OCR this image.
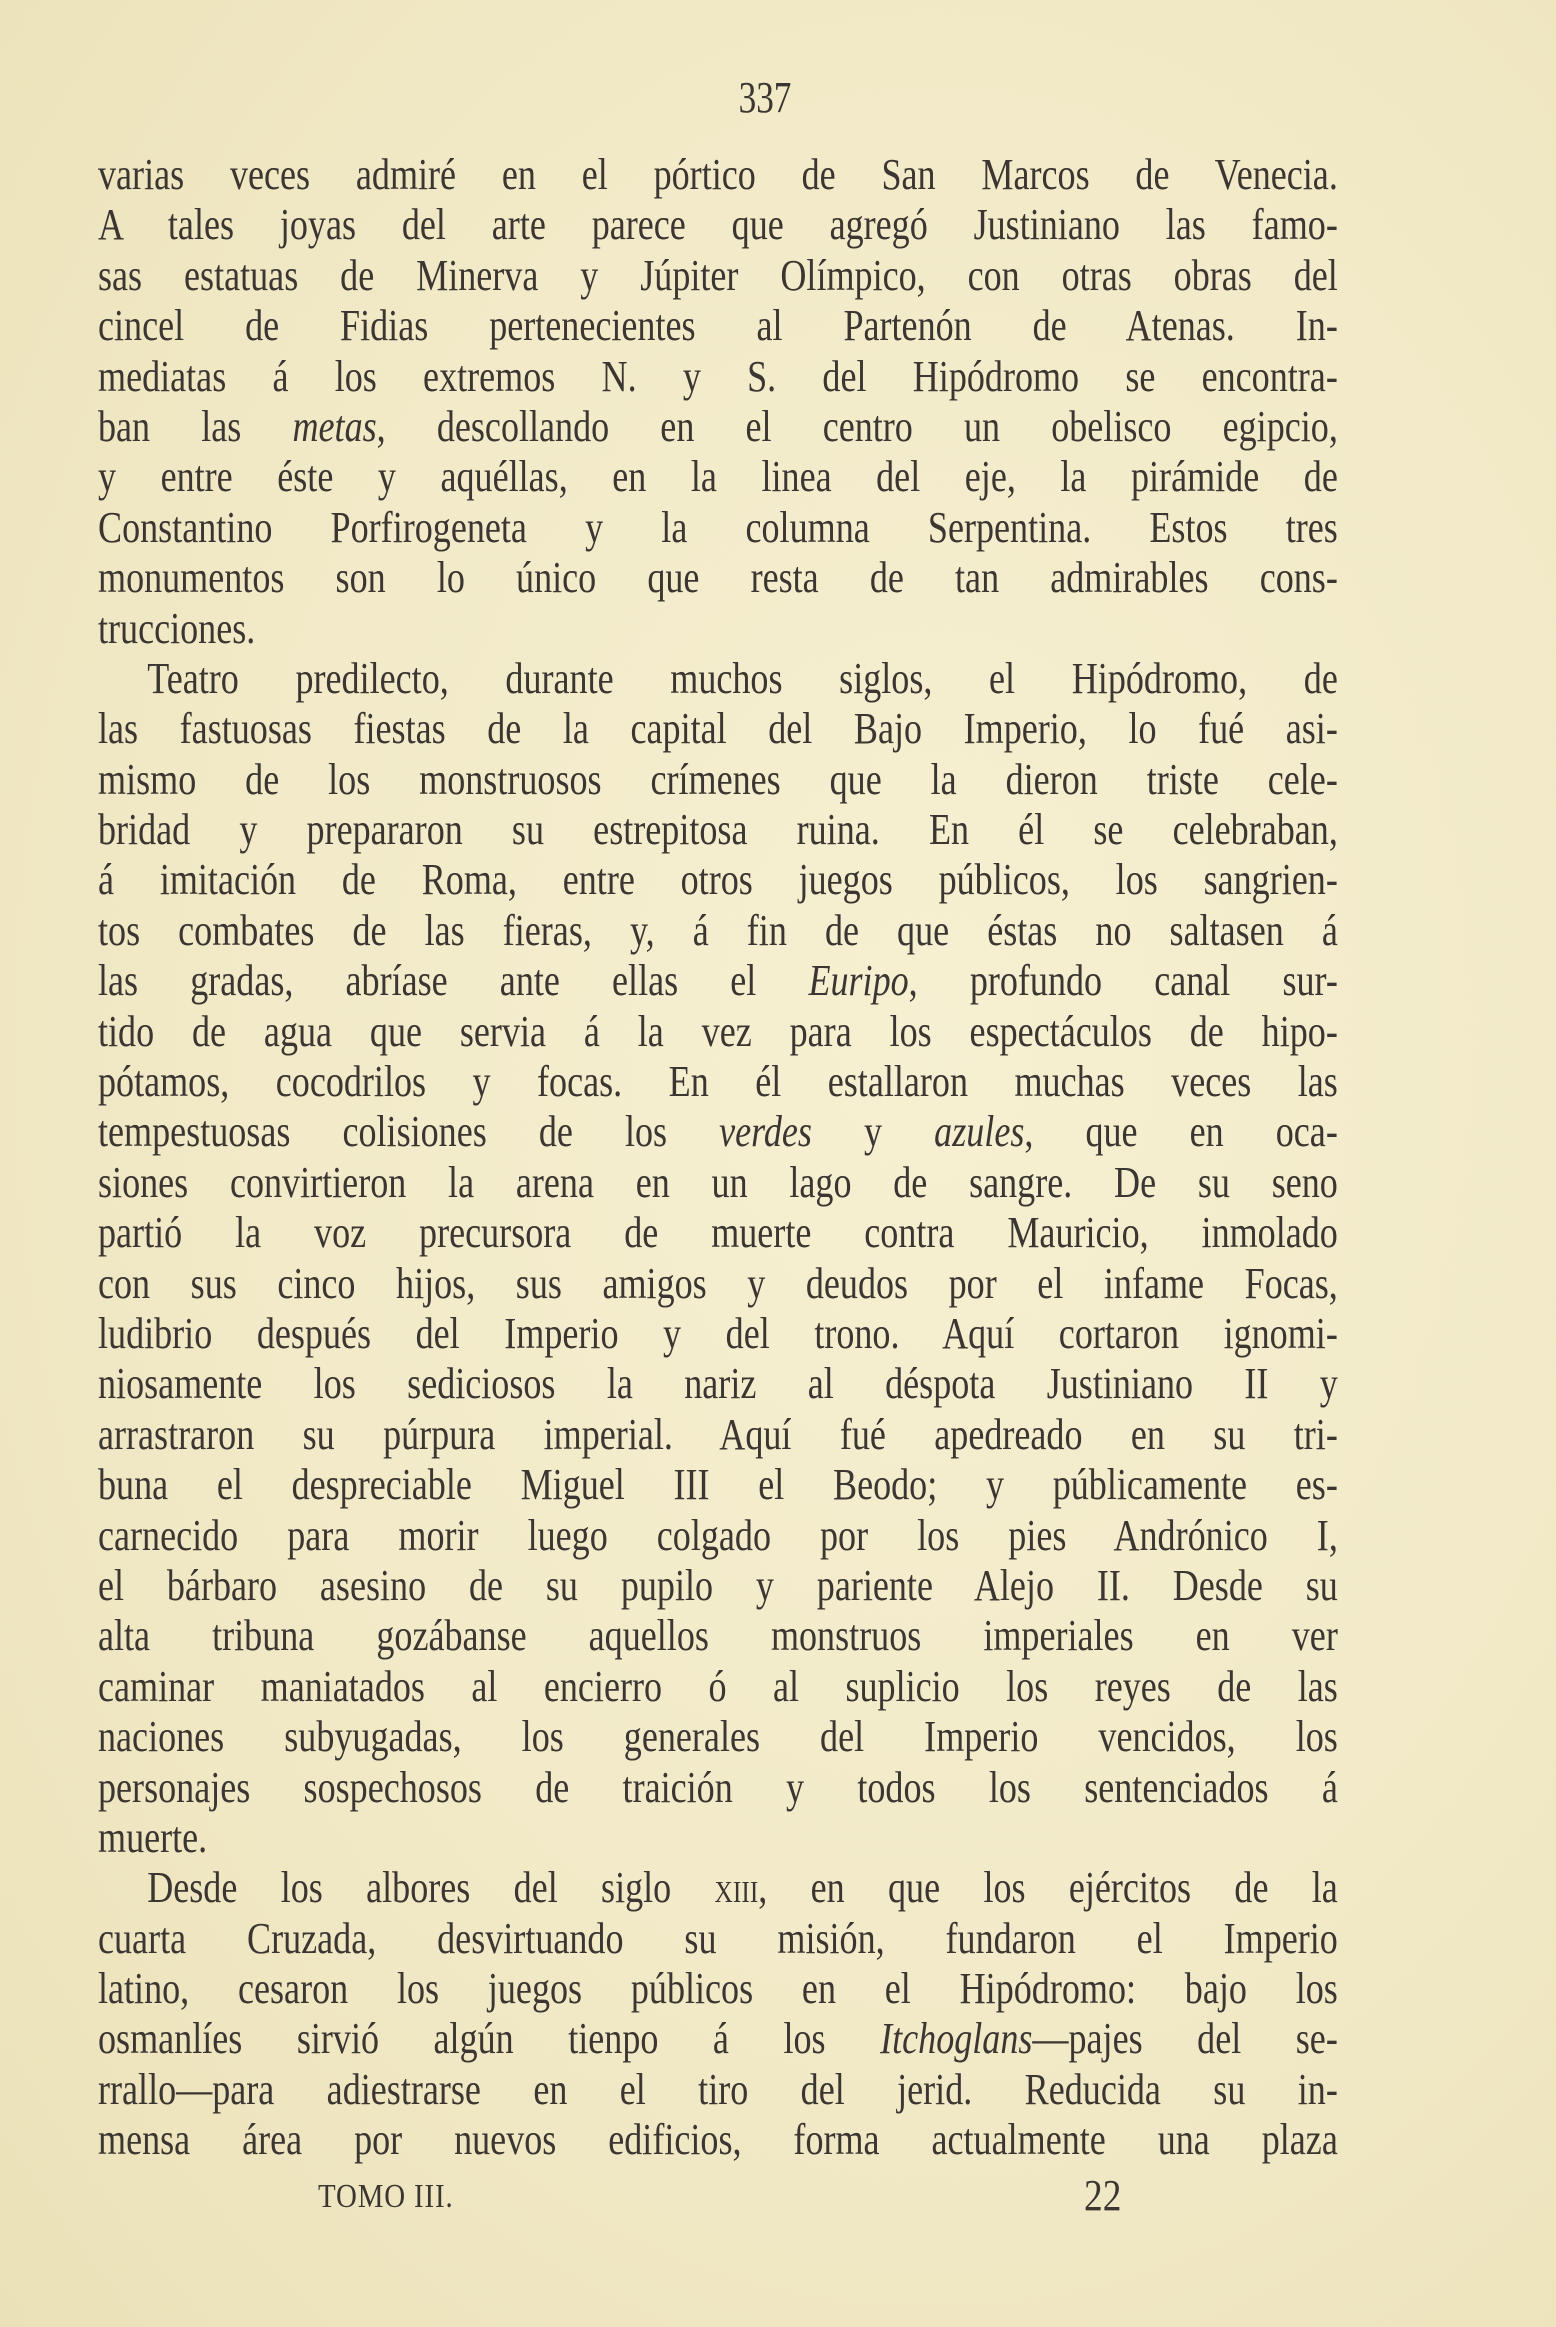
337
varias veces admiré en el pórtico de San Marcos de Venecia.
A tales joyas del arte parece que agregó Justiniano las famo-
sas estatuas de Minerva y Júpiter Olímpico, con otras obras del
cincel de Fidias pertenecientes al Partenón de Atenas. In-
mediatas á los extremos N. y S. del Hipódromo se encontra-
ban las metas, descollando en el centro un obelisco egipcio,
y entre éste y aquéllas, en la linea del eje, la pirámide de
Constantino Porfirogeneta y la columna Serpentina. Estos tres
monumentos son lo único que resta de tan admirables cons-
trucciones.
Teatro predilecto, durante muchos siglos, el Hipódromo, de
las fastuosas fiestas de la capital del Bajo Imperio, lo fué asi-
mismo de los monstruosos crímenes que la dieron triste cele-
bridad y prepararon su estrepitosa ruina. En él se celebraban,
á imitación de Roma, entre otros juegos públicos, los sangrien-
tos combates de las fieras, y, á fin de que éstas no saltasen á
las gradas, abríase ante ellas el Euripo, profundo canal sur-
tido de agua que servia á la vez para los espectáculos de hipo-
pótamos, cocodrilos y focas. En él estallaron muchas veces las
tempestuosas colisiones de los verdes y azules, que en oca-
siones convirtieron la arena en un lago de sangre. De su seno
partió la voz precursora de muerte contra Mauricio, inmolado
con sus cinco hijos, sus amigos y deudos por el infame Focas,
ludibrio después del Imperio y del trono. Aquí cortaron ignomi-
niosamente los sediciosos la nariz al déspota Justiniano II y
arrastraron su púrpura imperial. Aquí fué apedreado en su tri-
buna el despreciable Miguel III el Beodo; y públicamente es-
carnecido para morir luego colgado por los pies Andrónico I,
el bárbaro asesino de su pupilo y pariente Alejo II. Desde su
alta tribuna gozábanse aquellos monstruos imperiales en ver
caminar maniatados al encierro ó al suplicio los reyes de las
naciones subyugadas, los generales del Imperio vencidos, los
personajes sospechosos de traición y todos los sentenciados á
muerte.
Desde los albores del siglo xiii, en que los ejércitos de la
cuarta Cruzada, desvirtuando su misión, fundaron el Imperio
latino, cesaron los juegos públicos en el Hipódromo: bajo los
osmanlíes sirvió algún tienpo á los Itchoglans—pajes del se-
rrallo—para adiestrarse en el tiro del jerid. Reducida su in-
mensa área por nuevos edificios, forma actualmente una plaza
TOMO III.	22
